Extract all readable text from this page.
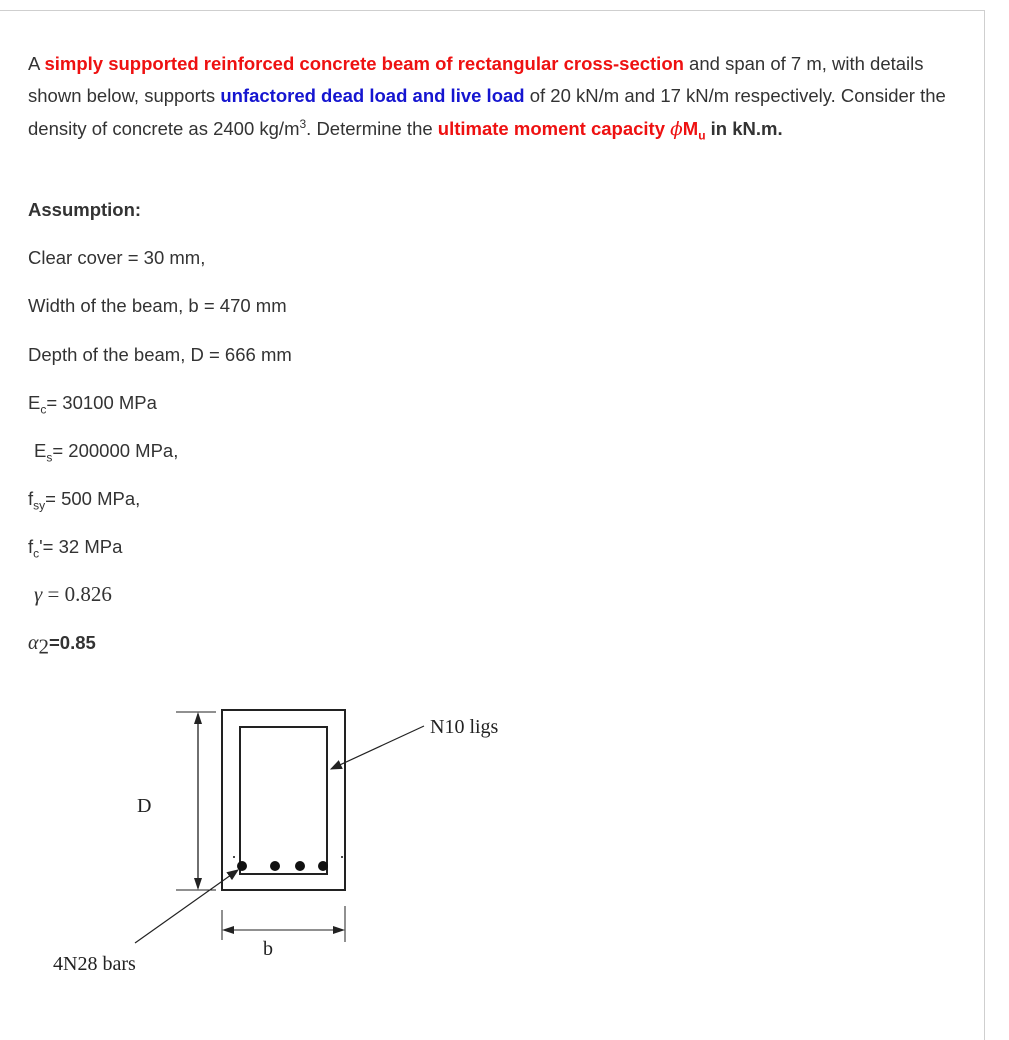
A simply supported reinforced concrete beam of rectangular cross-section and span of 7 m, with details shown below, supports unfactored dead load and live load of 20 kN/m and 17 kN/m respectively. Consider the density of concrete as 2400 $kg/m^3$. Determine the ultimate moment capacity $\phi M_u$ in kN.m.
Assumption:
Clear cover = 30 mm,
Width of the beam, b = 470 mm
Depth of the beam, D = 666 mm
$E_c= 30100$ MPa
$E_s= 200000$ MPa,
$f_{sy}= 500$ MPa,
$f_c'= 32$ MPa
γ = 0.826
$\alpha_2=0.85$
D
b
N10 ligs
4N28 bars
